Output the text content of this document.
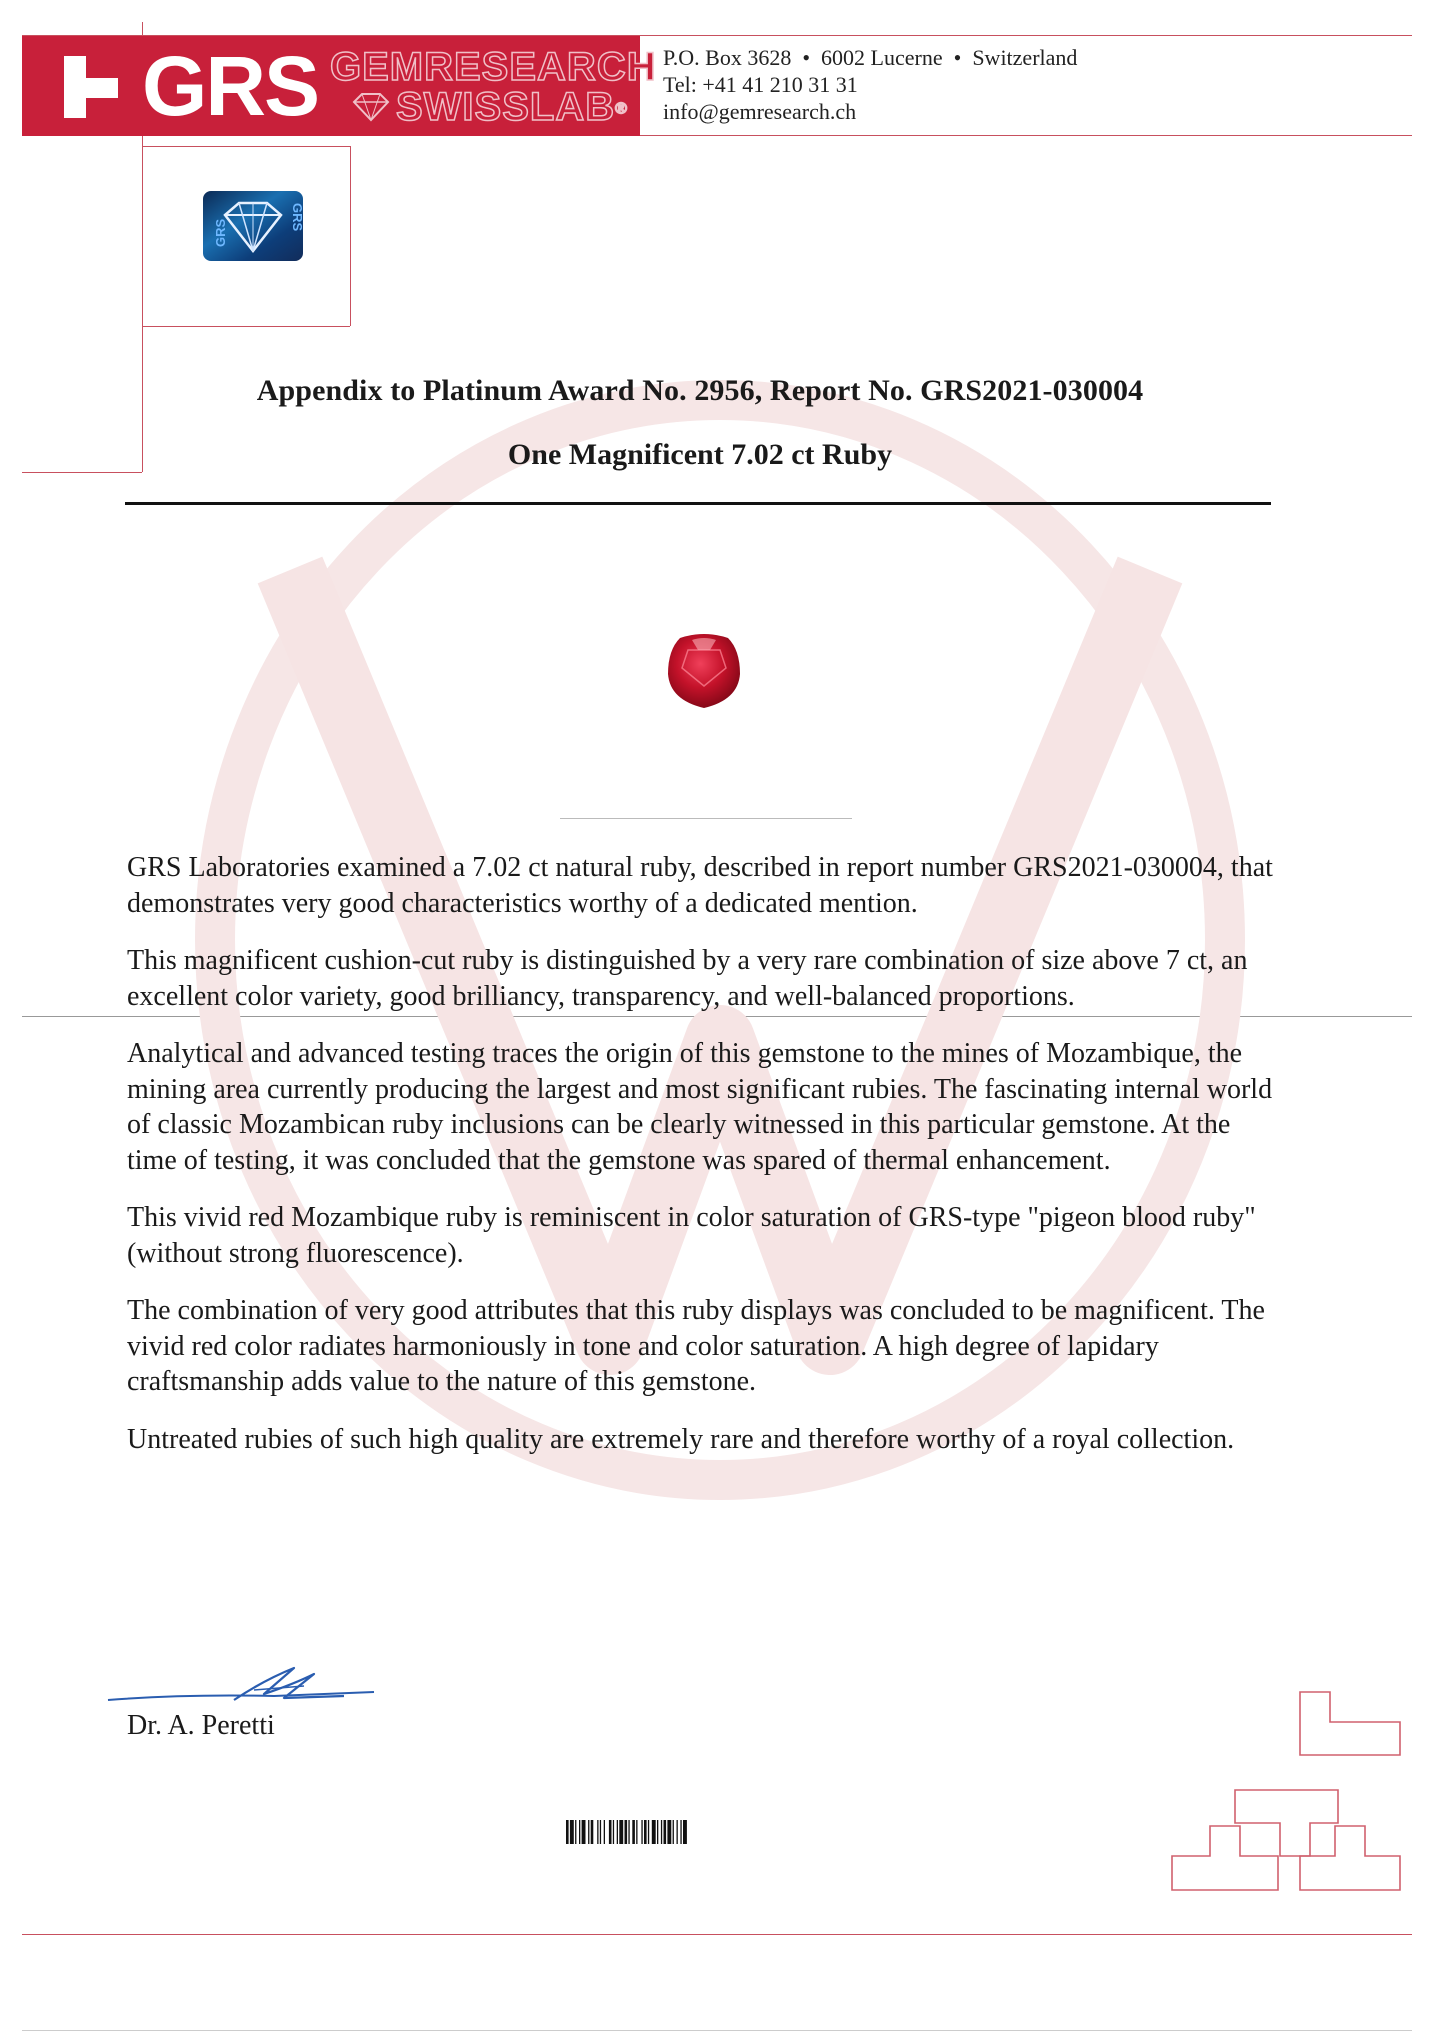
GRS GEMRESEARCH
SWISSLAB®
P.O. Box 3628  •  6002 Lucerne  •  Switzerland
Tel: +41 41 210 31 31
info@gemresearch.ch
GRS
GRS
Appendix to Platinum Award No. 2956, Report No. GRS2021-030004
One Magnificent 7.02 ct Ruby

GRS Laboratories examined a 7.02 ct natural ruby, described in report number GRS2021-030004, that demonstrates very good characteristics worthy of a dedicated mention.

This magnificent cushion-cut ruby is distinguished by a very rare combination of size above 7 ct, an excellent color variety, good brilliancy, transparency, and well-balanced proportions.

Analytical and advanced testing traces the origin of this gemstone to the mines of Mozambique, the mining area currently producing the largest and most significant rubies. The fascinating internal world of classic Mozambican ruby inclusions can be clearly witnessed in this particular gemstone. At the time of testing, it was concluded that the gemstone was spared of thermal enhancement.

This vivid red Mozambique ruby is reminiscent in color saturation of GRS-type "pigeon blood ruby" (without strong fluorescence).

The combination of very good attributes that this ruby displays was concluded to be magnificent. The vivid red color radiates harmoniously in tone and color saturation. A high degree of lapidary craftsmanship adds value to the nature of this gemstone.

Untreated rubies of such high quality are extremely rare and therefore worthy of a royal collection.

Dr. A. Peretti
